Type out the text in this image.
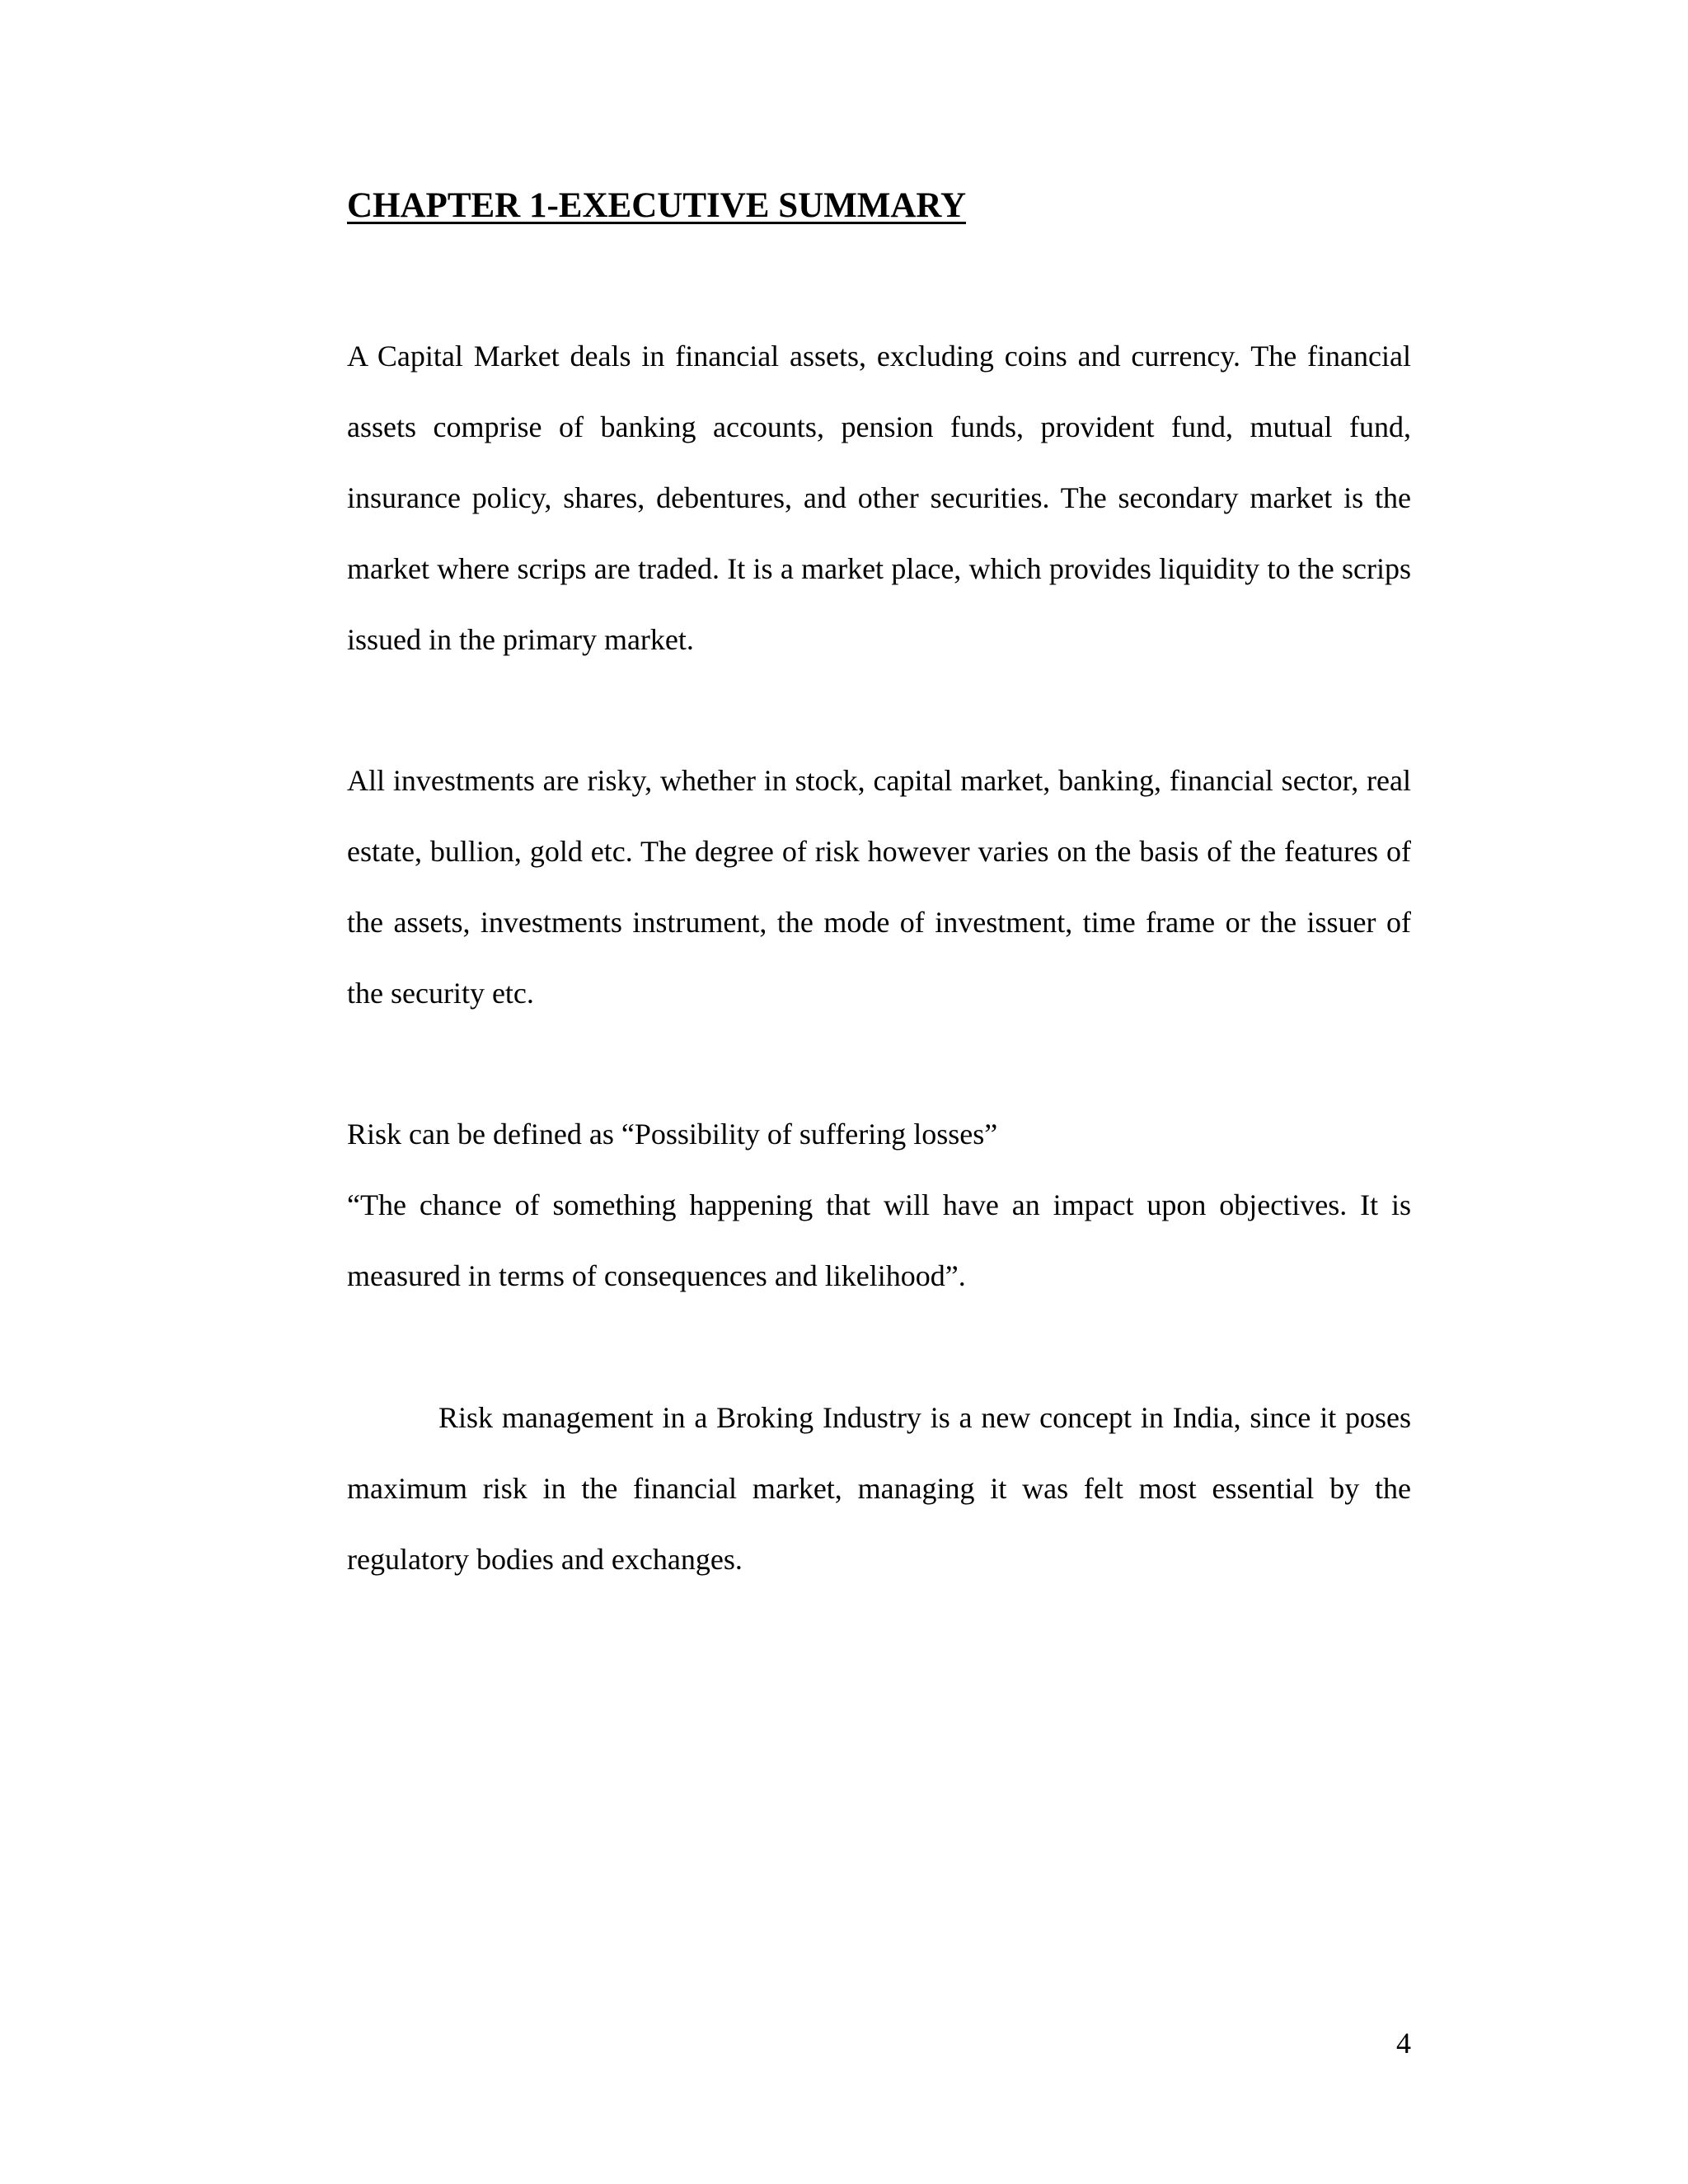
CHAPTER 1-EXECUTIVE SUMMARY

A Capital Market deals in financial assets, excluding coins and currency. The financial assets comprise of banking accounts, pension funds, provident fund, mutual fund, insurance policy, shares, debentures, and other securities. The secondary market is the market where scrips are traded. It is a market place, which provides liquidity to the scrips issued in the primary market.

All investments are risky, whether in stock, capital market, banking, financial sector, real estate, bullion, gold etc. The degree of risk however varies on the basis of the features of the assets, investments instrument, the mode of investment, time frame or the issuer of the security etc.

Risk can be defined as “Possibility of suffering losses”

“The chance of something happening that will have an impact upon objectives. It is measured in terms of consequences and likelihood”.

Risk management in a Broking Industry is a new concept in India, since it poses maximum risk in the financial market, managing it was felt most essential by the regulatory bodies and exchanges.

4
